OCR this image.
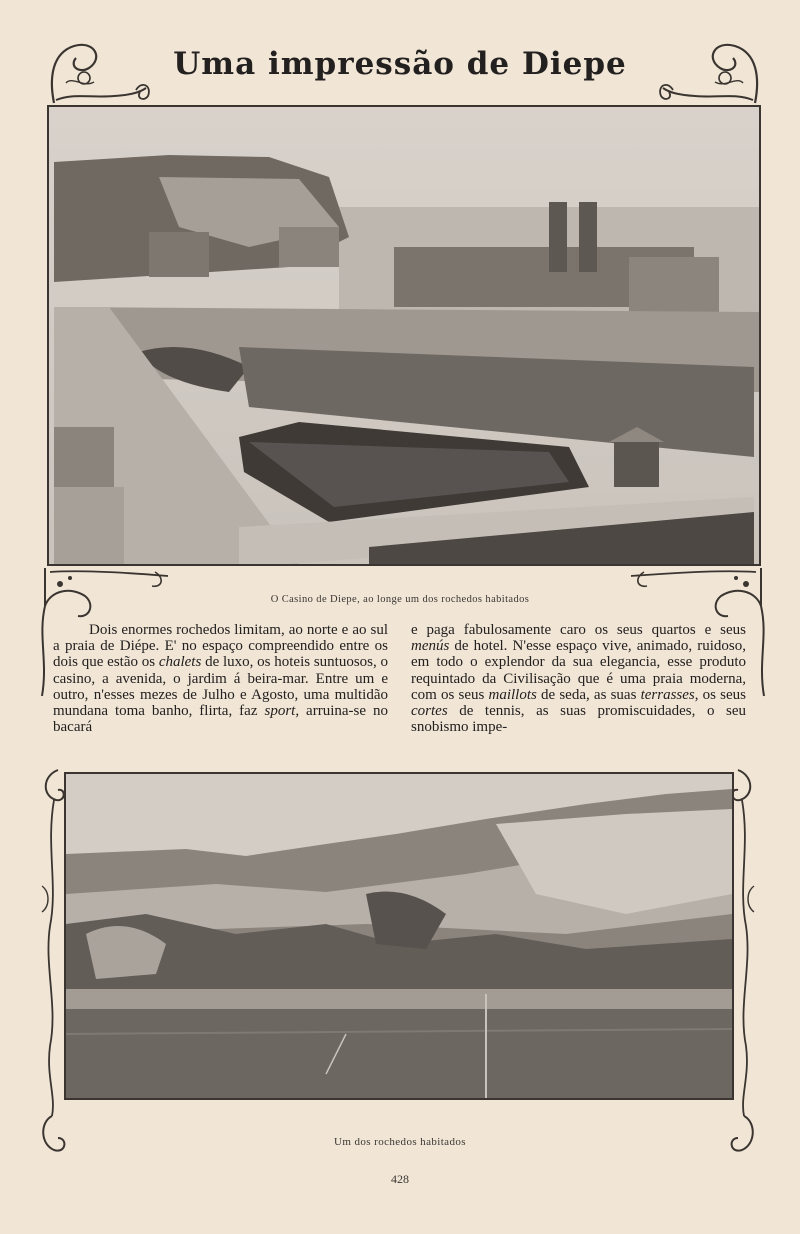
Uma impressão de Diepe
O Casino de Diepe, ao longe um dos rochedos habitados

Dois enormes rochedos limitam, ao norte e ao sul a praia de Diépe. E' no espaço compreendido entre os dois que estão os chalets de luxo, os hoteis suntuosos, o casino, a avenida, o jardim á beira-mar. Entre um e outro, n'esses mezes de Julho e Agosto, uma multidão mundana toma banho, flirta, faz sport, arruina-se no bacará

e paga fabulosamente caro os seus quartos e seus menús de hotel. N'esse espaço vive, animado, ruidoso, em todo o explendor da sua elegancia, esse produto requintado da Civilisação que é uma praia moderna, com os seus maillots de seda, as suas terrasses, os seus cortes de tennis, as suas promiscuidades, o seu snobismo impe-

Um dos rochedos habitados
428
